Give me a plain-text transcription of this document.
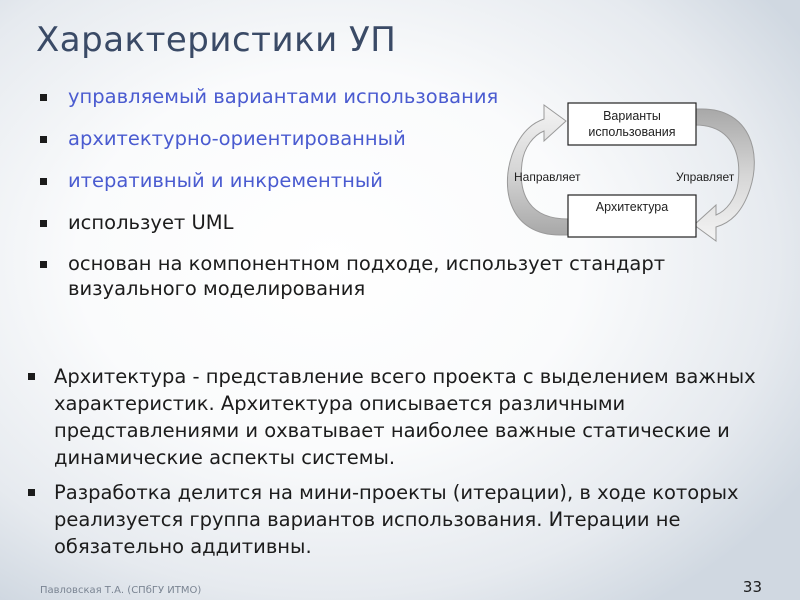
Характеристики УП
управляемый вариантами использования
архитектурно-ориентированный
итеративный и инкрементный
использует UML
основан на компонентном подходе, использует стандарт визуального моделирования
Варианты
использования
Архитектура
Направляет	Управляет
Архитектура - представление всего проекта с выделением важных характеристик. Архитектура описывается различными представлениями и охватывает наиболее важные статические и динамические аспекты системы.
Разработка делится на мини-проекты (итерации), в ходе которых реализуется группа вариантов использования. Итерации не обязательно аддитивны.
Павловская Т.А. (СПбГУ ИТМО)	33
